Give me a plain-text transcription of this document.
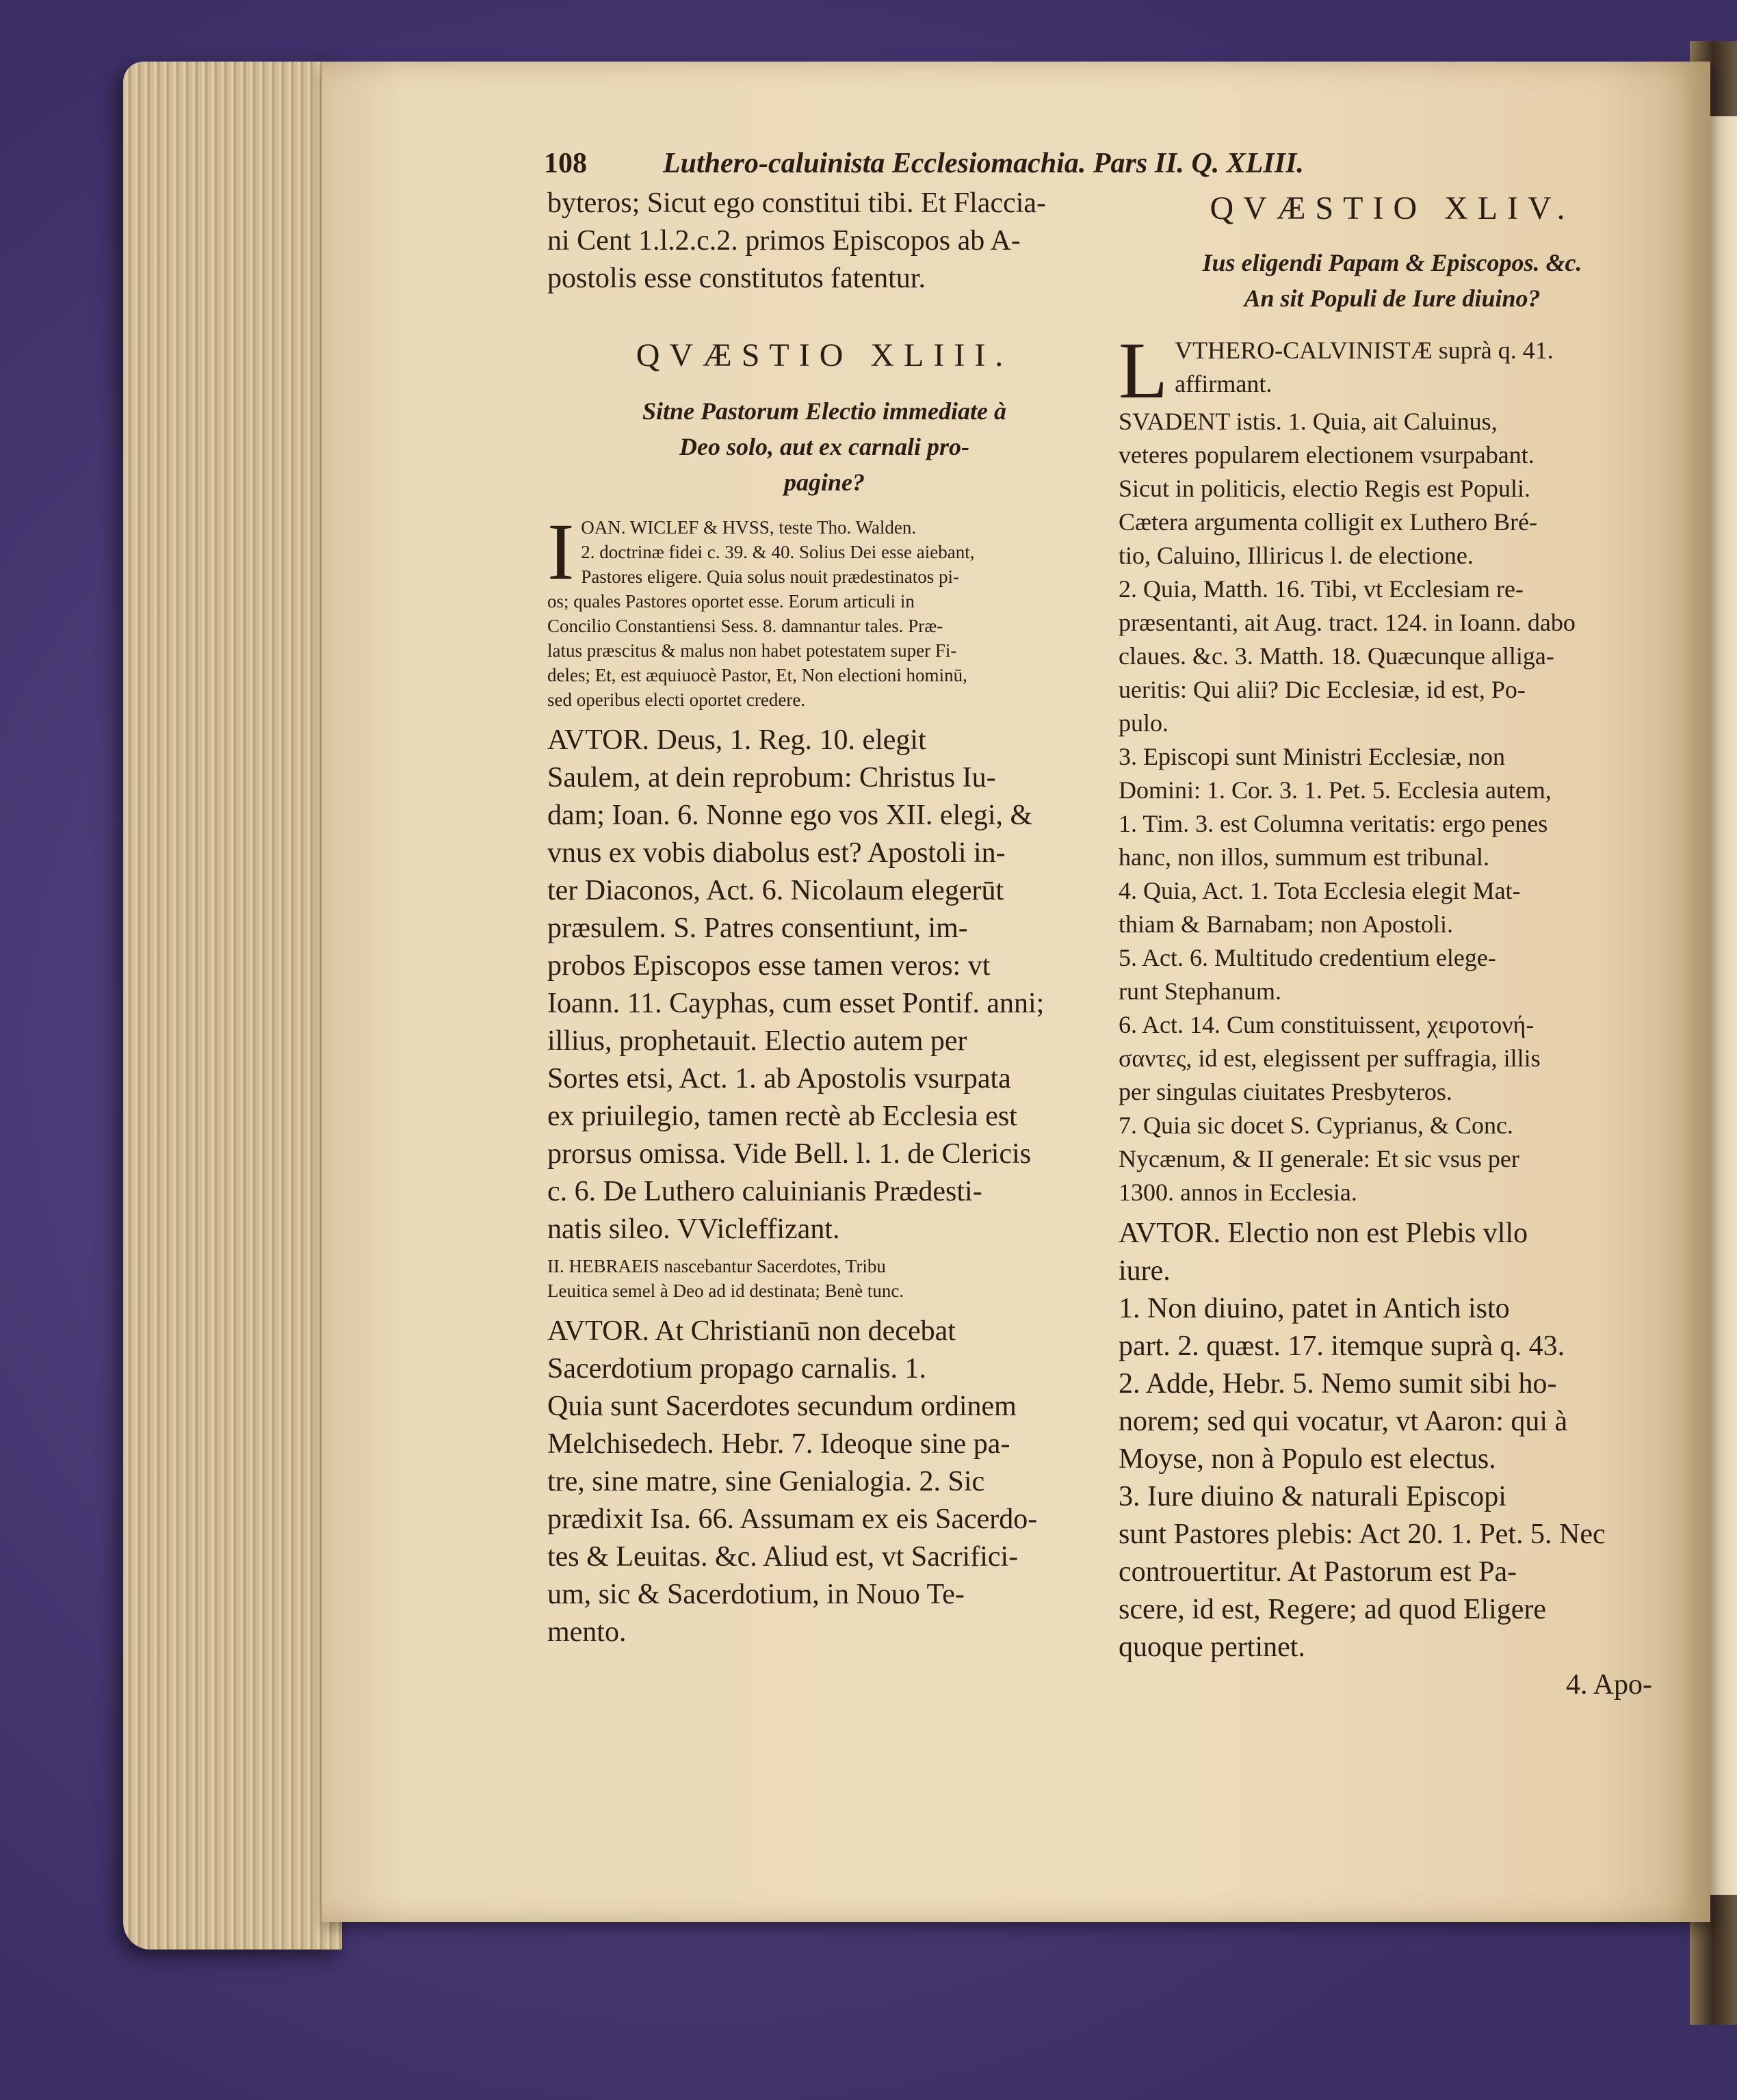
108	Luthero-caluinista Ecclesiomachia. Pars II. Q. XLIII.
byteros; Sicut ego constitui tibi. Et Flaccia-
ni Cent 1.l.2.c.2. primos Episcopos ab A-
postolis esse constitutos fatentur.
QVÆSTIO XLIII.
Sitne Pastorum Electio immediate à
Deo solo, aut ex carnali pro-
pagine?
I OAN. WICLEF & HVSS, teste Tho. Walden.
2. doctrinæ fidei c. 39. & 40. Solius Dei esse aiebant,
Pastores eligere. Quia solus nouit prædestinatos pi-
os; quales Pastores oportet esse. Eorum articuli in
Concilio Constantiensi Sess. 8. damnantur tales. Præ-
latus præscitus & malus non habet potestatem super Fi-
deles; Et, est æquiuocè Pastor, Et, Non electioni hominū,
sed operibus electi oportet credere.
AVTOR. Deus, 1. Reg. 10. elegit
Saulem, at dein reprobum: Christus Iu-
dam; Ioan. 6. Nonne ego vos XII. elegi, &
vnus ex vobis diabolus est? Apostoli in-
ter Diaconos, Act. 6. Nicolaum elegerūt
præsulem. S. Patres consentiunt, im-
probos Episcopos esse tamen veros: vt
Ioann. 11. Cayphas, cum esset Pontif. anni;
illius, prophetauit. Electio autem per
Sortes etsi, Act. 1. ab Apostolis vsurpata
ex priuilegio, tamen rectè ab Ecclesia est
prorsus omissa. Vide Bell. l. 1. de Clericis
c. 6. De Luthero caluinianis Prædesti-
natis sileo. VVicleffizant.
II. HEBRAEIS nascebantur Sacerdotes, Tribu
Leuitica semel à Deo ad id destinata; Benè tunc.
AVTOR. At Christianū non decebat
Sacerdotium propago carnalis. 1.
Quia sunt Sacerdotes secundum ordinem
Melchisedech. Hebr. 7. Ideoque sine pa-
tre, sine matre, sine Genialogia. 2. Sic
prædixit Isa. 66. Assumam ex eis Sacerdo-
tes & Leuitas. &c. Aliud est, vt Sacrifici-
um, sic & Sacerdotium, in Nouo Te-
mento.
QVÆSTIO XLIV.
Ius eligendi Papam & Episcopos. &c.
An sit Populi de Iure diuino?
L VTHERO-CALVINISTÆ suprà q. 41.
affirmant.
SVADENT istis. 1. Quia, ait Caluinus,
veteres popularem electionem vsurpabant.
Sicut in politicis, electio Regis est Populi.
Cætera argumenta colligit ex Luthero Bré-
tio, Caluino, Illiricus l. de electione.
2. Quia, Matth. 16. Tibi, vt Ecclesiam re-
præsentanti, ait Aug. tract. 124. in Ioann. dabo
claues. &c. 3. Matth. 18. Quæcunque alliga-
ueritis: Qui alii? Dic Ecclesiæ, id est, Po-
pulo.
3. Episcopi sunt Ministri Ecclesiæ, non
Domini: 1. Cor. 3. 1. Pet. 5. Ecclesia autem,
1. Tim. 3. est Columna veritatis: ergo penes
hanc, non illos, summum est tribunal.
4. Quia, Act. 1. Tota Ecclesia elegit Mat-
thiam & Barnabam; non Apostoli.
5. Act. 6. Multitudo credentium elege-
runt Stephanum.
6. Act. 14. Cum constituissent, χειροτονή-
σαντες, id est, elegissent per suffragia, illis
per singulas ciuitates Presbyteros.
7. Quia sic docet S. Cyprianus, & Conc.
Nycænum, & II generale: Et sic vsus per
1300. annos in Ecclesia.
AVTOR. Electio non est Plebis vllo
iure.
1. Non diuino, patet in Antich isto
part. 2. quæst. 17. itemque suprà q. 43.
2. Adde, Hebr. 5. Nemo sumit sibi ho-
norem; sed qui vocatur, vt Aaron: qui à
Moyse, non à Populo est electus.
3. Iure diuino & naturali Episcopi
sunt Pastores plebis: Act 20. 1. Pet. 5. Nec
controuertitur. At Pastorum est Pa-
scere, id est, Regere; ad quod Eligere
quoque pertinet.
4. Apo-
